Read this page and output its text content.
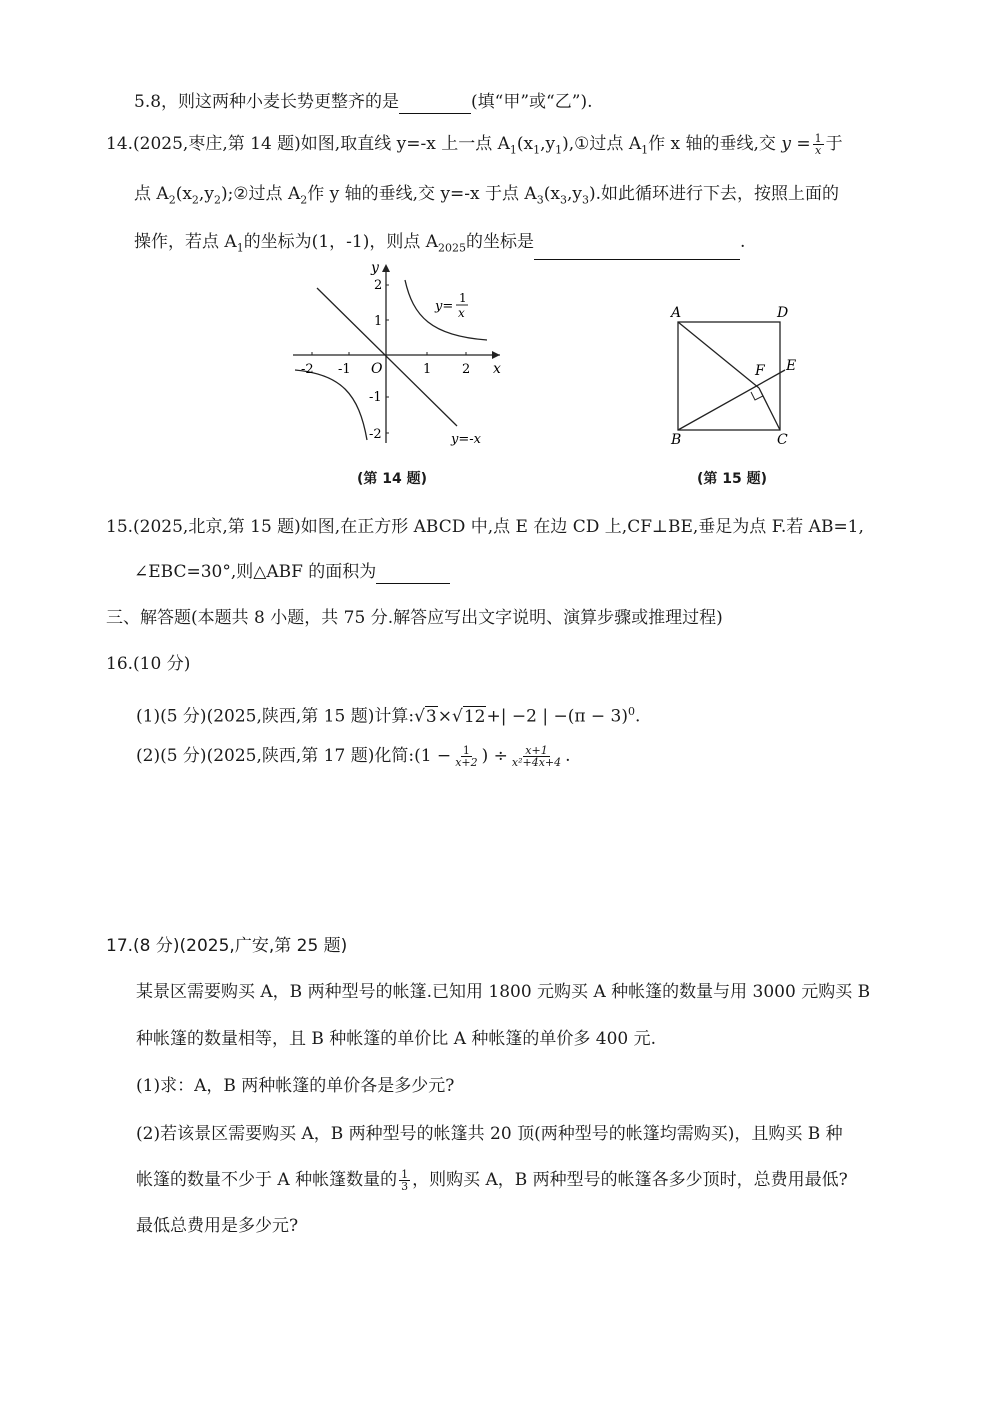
5.8，则这两种小麦长势更整齐的是	(填“甲”或“乙”).
14.(2025,枣庄,第 14 题)如图,取直线 y=-x 上一点 $A_1(x_1,y_1),①$过点 $A_1$作 x 轴的垂线,交 $y = \frac{1}{x}$ 于
点 $A_2(x_2,y_2);②$过点 $A_2$作 y 轴的垂线,交 y=-x 于点 $A_3(x_3,y_3)$.如此循环进行下去，按照上面的
操作，若点 $A_1$的坐标为(1，-1)，则点 $A_{2025}$的坐标是	.
y
x
O
-2 -1	1 2
2
1
-1
-2
y=
1
x
y=-x
(第 14 题)
A	D
B	C
E
F
(第 15 题)
15.(2025,北京,第 15 题)如图,在正方形 ABCD 中,点 E 在边 CD 上,CF⊥BE,垂足为点 F.若 AB=1,
∠EBC=30°,则△ABF 的面积为
三、解答题(本题共 8 小题，共 75 分.解答应写出文字说明、演算步骤或推理过程)
16.(10 分)
(1)(5 分)(2025,陕西,第 15 题)计算:√3×√12+| −2 | $-(\pi - 3)^0$.
(2)(5 分)(2025,陕西,第 17 题)化简:(1 − $\frac{1}{x+2}$ ) ÷ $\frac{x+1}{\text{x²+4x+4}}$ .
17.(8 分)(2025,广安,第 25 题)
某景区需要购买 A，B 两种型号的帐篷.已知用 1800 元购买 A 种帐篷的数量与用 3000 元购买 B
种帐篷的数量相等，且 B 种帐篷的单价比 A 种帐篷的单价多 400 元.
(1)求：A，B 两种帐篷的单价各是多少元?
(2)若该景区需要购买 A，B 两种型号的帐篷共 20 顶(两种型号的帐篷均需购买)，且购买 B 种
帐篷的数量不少于 A 种帐篷数量的 $\frac{1}{3}$ ，则购买 A，B 两种型号的帐篷各多少顶时，总费用最低?
最低总费用是多少元?
